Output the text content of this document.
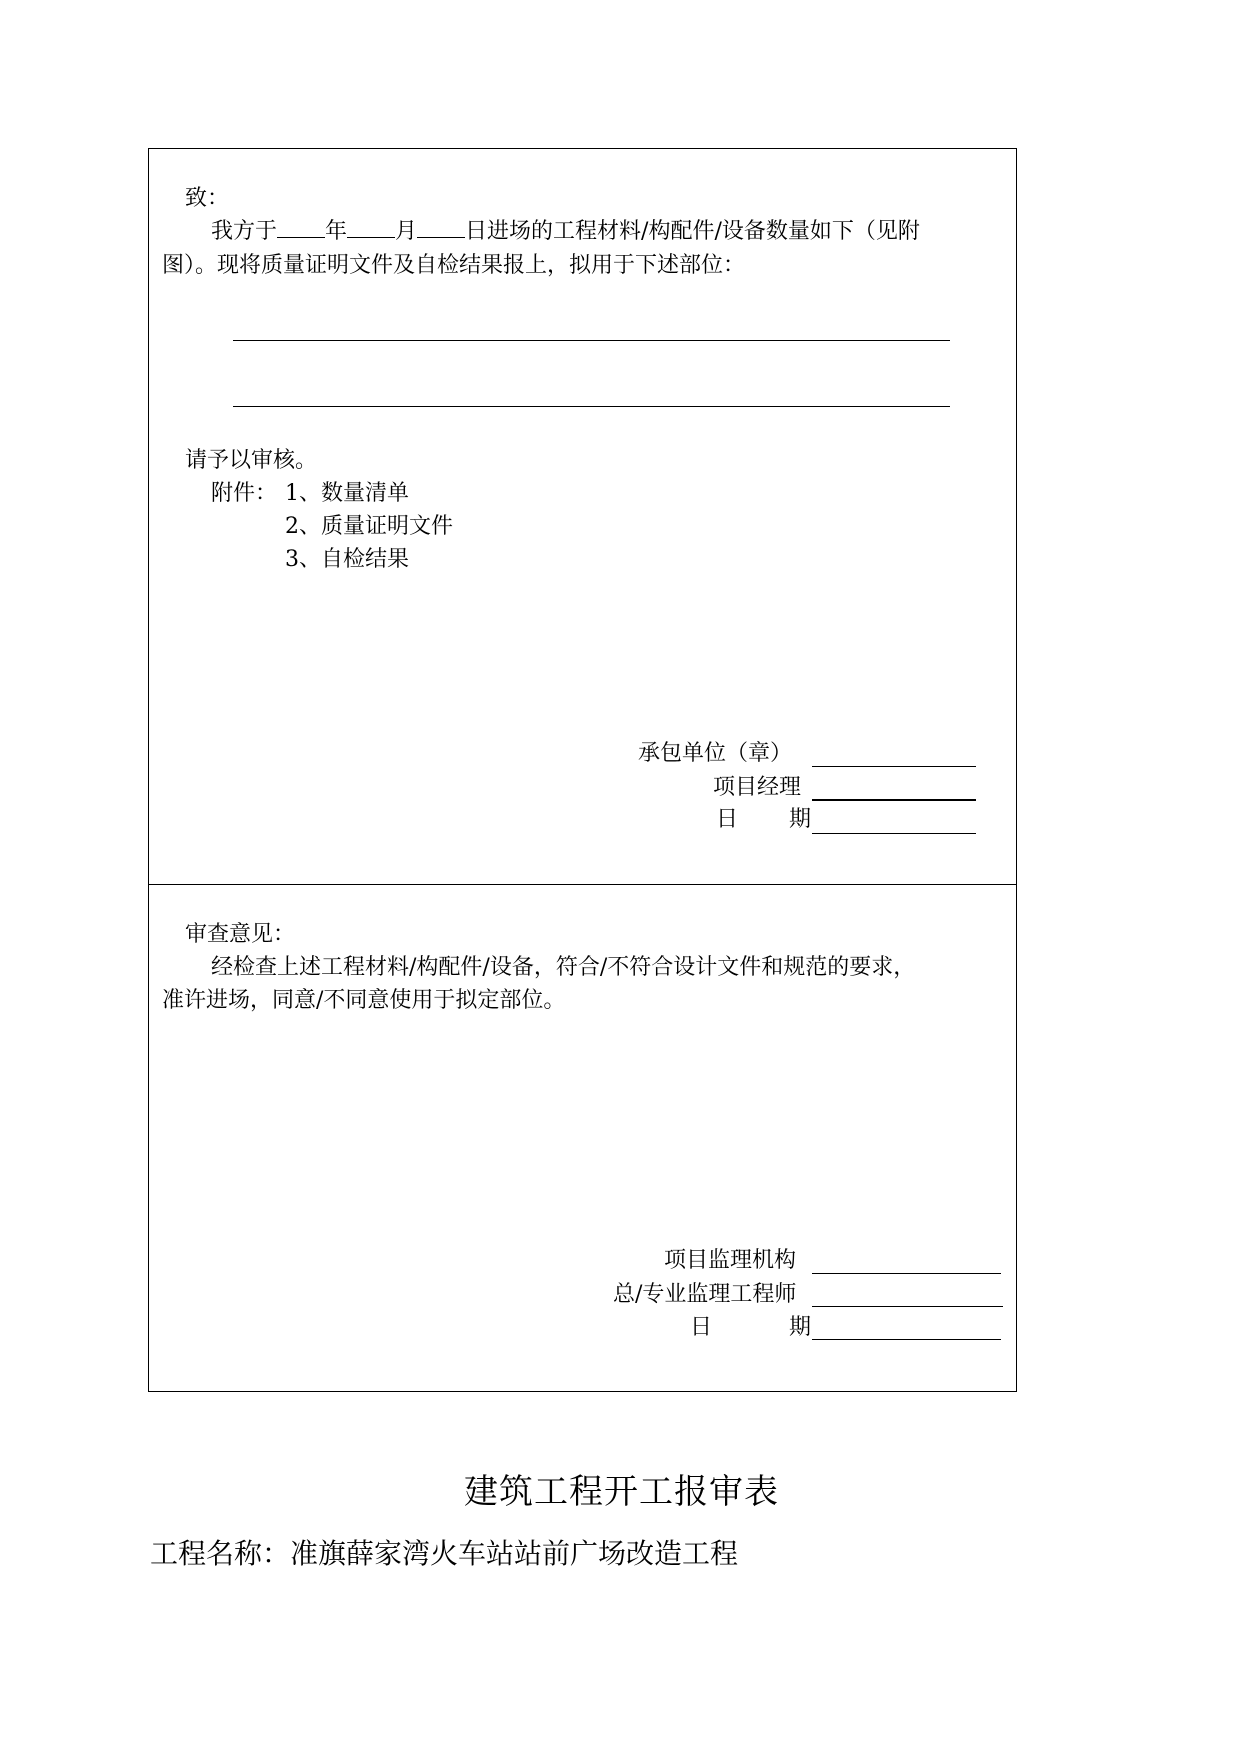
致：
我方于 年 月 日进场的工程材料/构配件/设备数量如下（见附
图）。现将质量证明文件及自检结果报上，拟用于下述部位：
请予以审核。
附件： 1、数量清单
2、质量证明文件
3、自检结果
承包单位（章）
项目经理
日 期
审查意见：
经检查上述工程材料/构配件/设备，符合/不符合设计文件和规范的要求，
准许进场，同意/不同意使用于拟定部位。
项目监理机构
总/专业监理工程师
日	期
建筑工程开工报审表
工程名称：准旗薛家湾火车站站前广场改造工程
